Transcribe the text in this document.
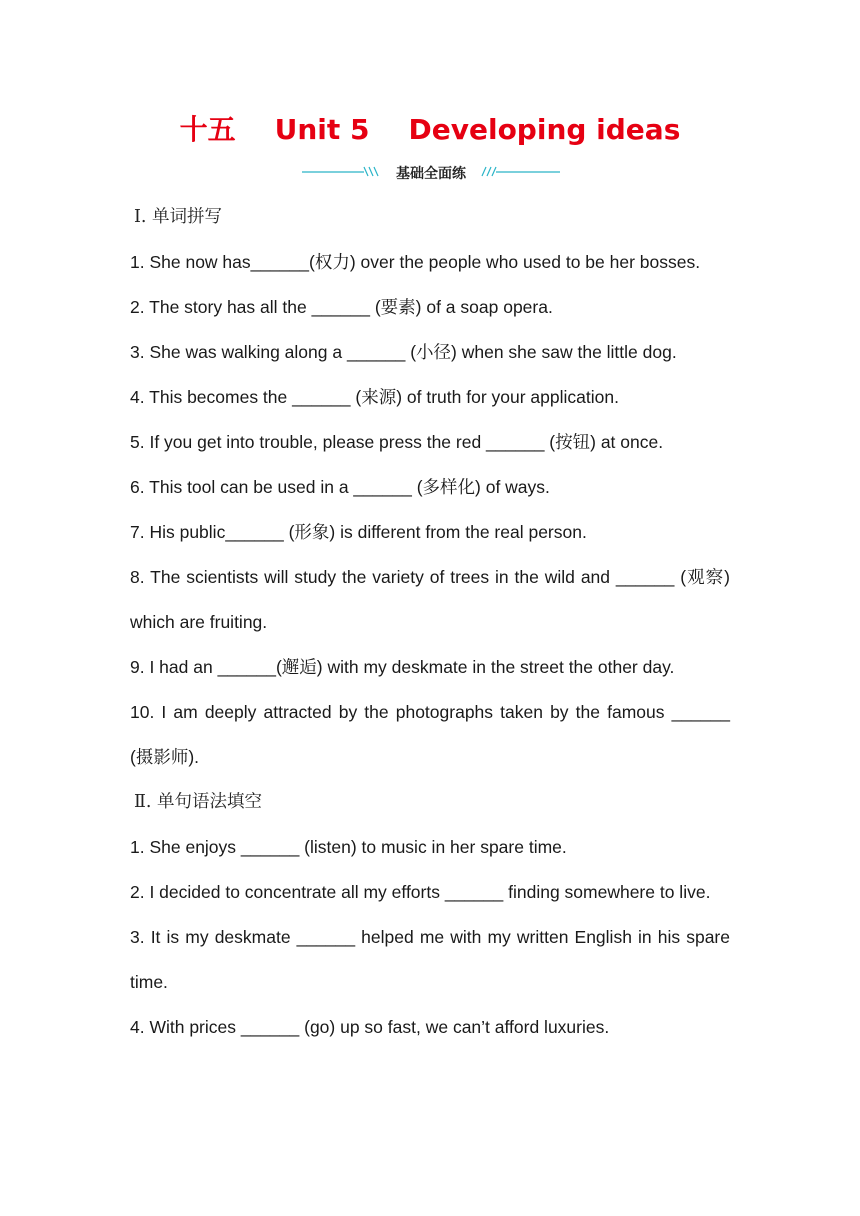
十五    Unit 5    Developing ideas
基础全面练
Ⅰ. 单词拼写
1. She now has______(权力) over the people who used to be her bosses.
2. The story has all the ______ (要素) of a soap opera.
3. She was walking along a ______ (小径) when she saw the little dog.
4. This becomes the ______ (来源) of truth for your application.
5. If you get into trouble, please press the red ______ (按钮) at once.
6. This tool can be used in a ______ (多样化) of ways.
7. His public______ (形象) is different from the real person.
8. The scientists will study the variety of trees in the wild and ______ (观察) which are fruiting.
9. I had an ______(邂逅) with my deskmate in the street the other day.
10. I am deeply attracted by the photographs taken by the famous ______ (摄影师).
Ⅱ. 单句语法填空
1. She enjoys ______ (listen) to music in her spare time.
2. I decided to concentrate all my efforts ______ finding somewhere to live.
3. It is my deskmate ______ helped me with my written English in his spare time.
4. With prices ______ (go) up so fast, we can’t afford luxuries.
